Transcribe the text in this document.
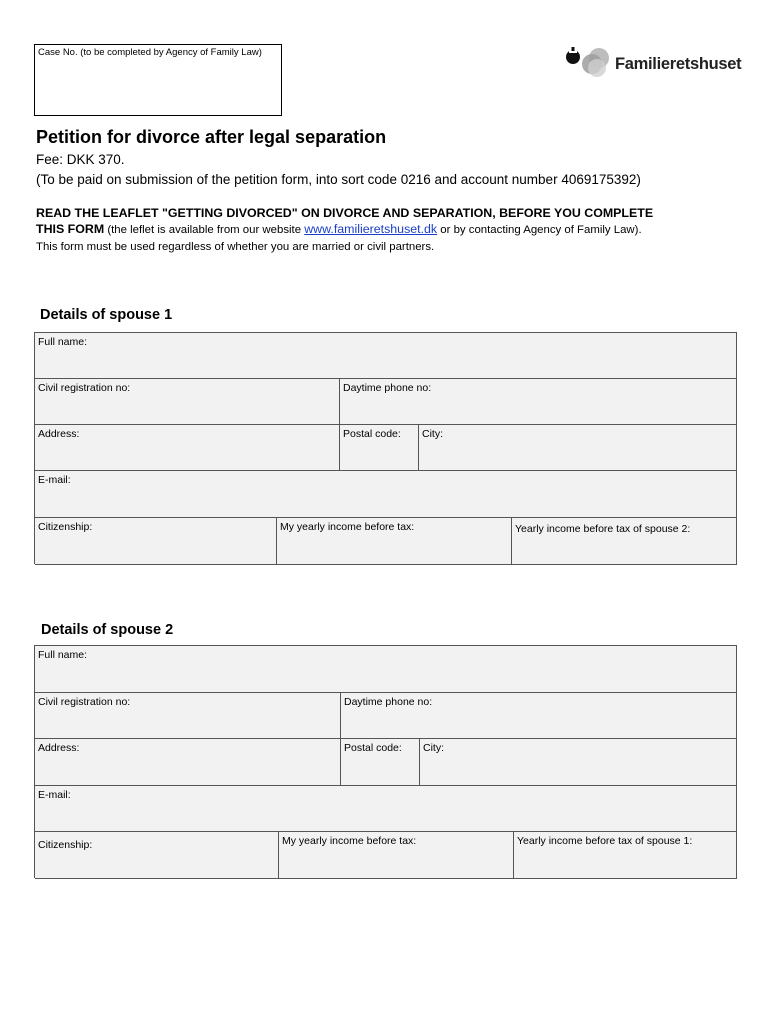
Case No. (to be completed by Agency of Family Law)
Familieretshuset
Petition for divorce after legal separation
Fee: DKK 370.
(To be paid on submission of the petition form, into sort code 0216 and account number 4069175392)
READ THE LEAFLET "GETTING DIVORCED" ON DIVORCE AND SEPARATION, BEFORE YOU COMPLETE
THIS FORM (the leflet is available from our website www.familieretshuset.dk or by contacting Agency of Family Law).
This form must be used regardless of whether you are married or civil partners.
Details of spouse 1
Full name:
Civil registration no:	Daytime phone no:
Address:	Postal code:	City:
E-mail:
Citizenship:	My yearly income before tax:	Yearly income before tax of spouse 2:
Details of spouse 2
Full name:
Civil registration no:	Daytime phone no:
Address:	Postal code:	City:
E-mail:
Citizenship:	My yearly income before tax:	Yearly income before tax of spouse 1:
